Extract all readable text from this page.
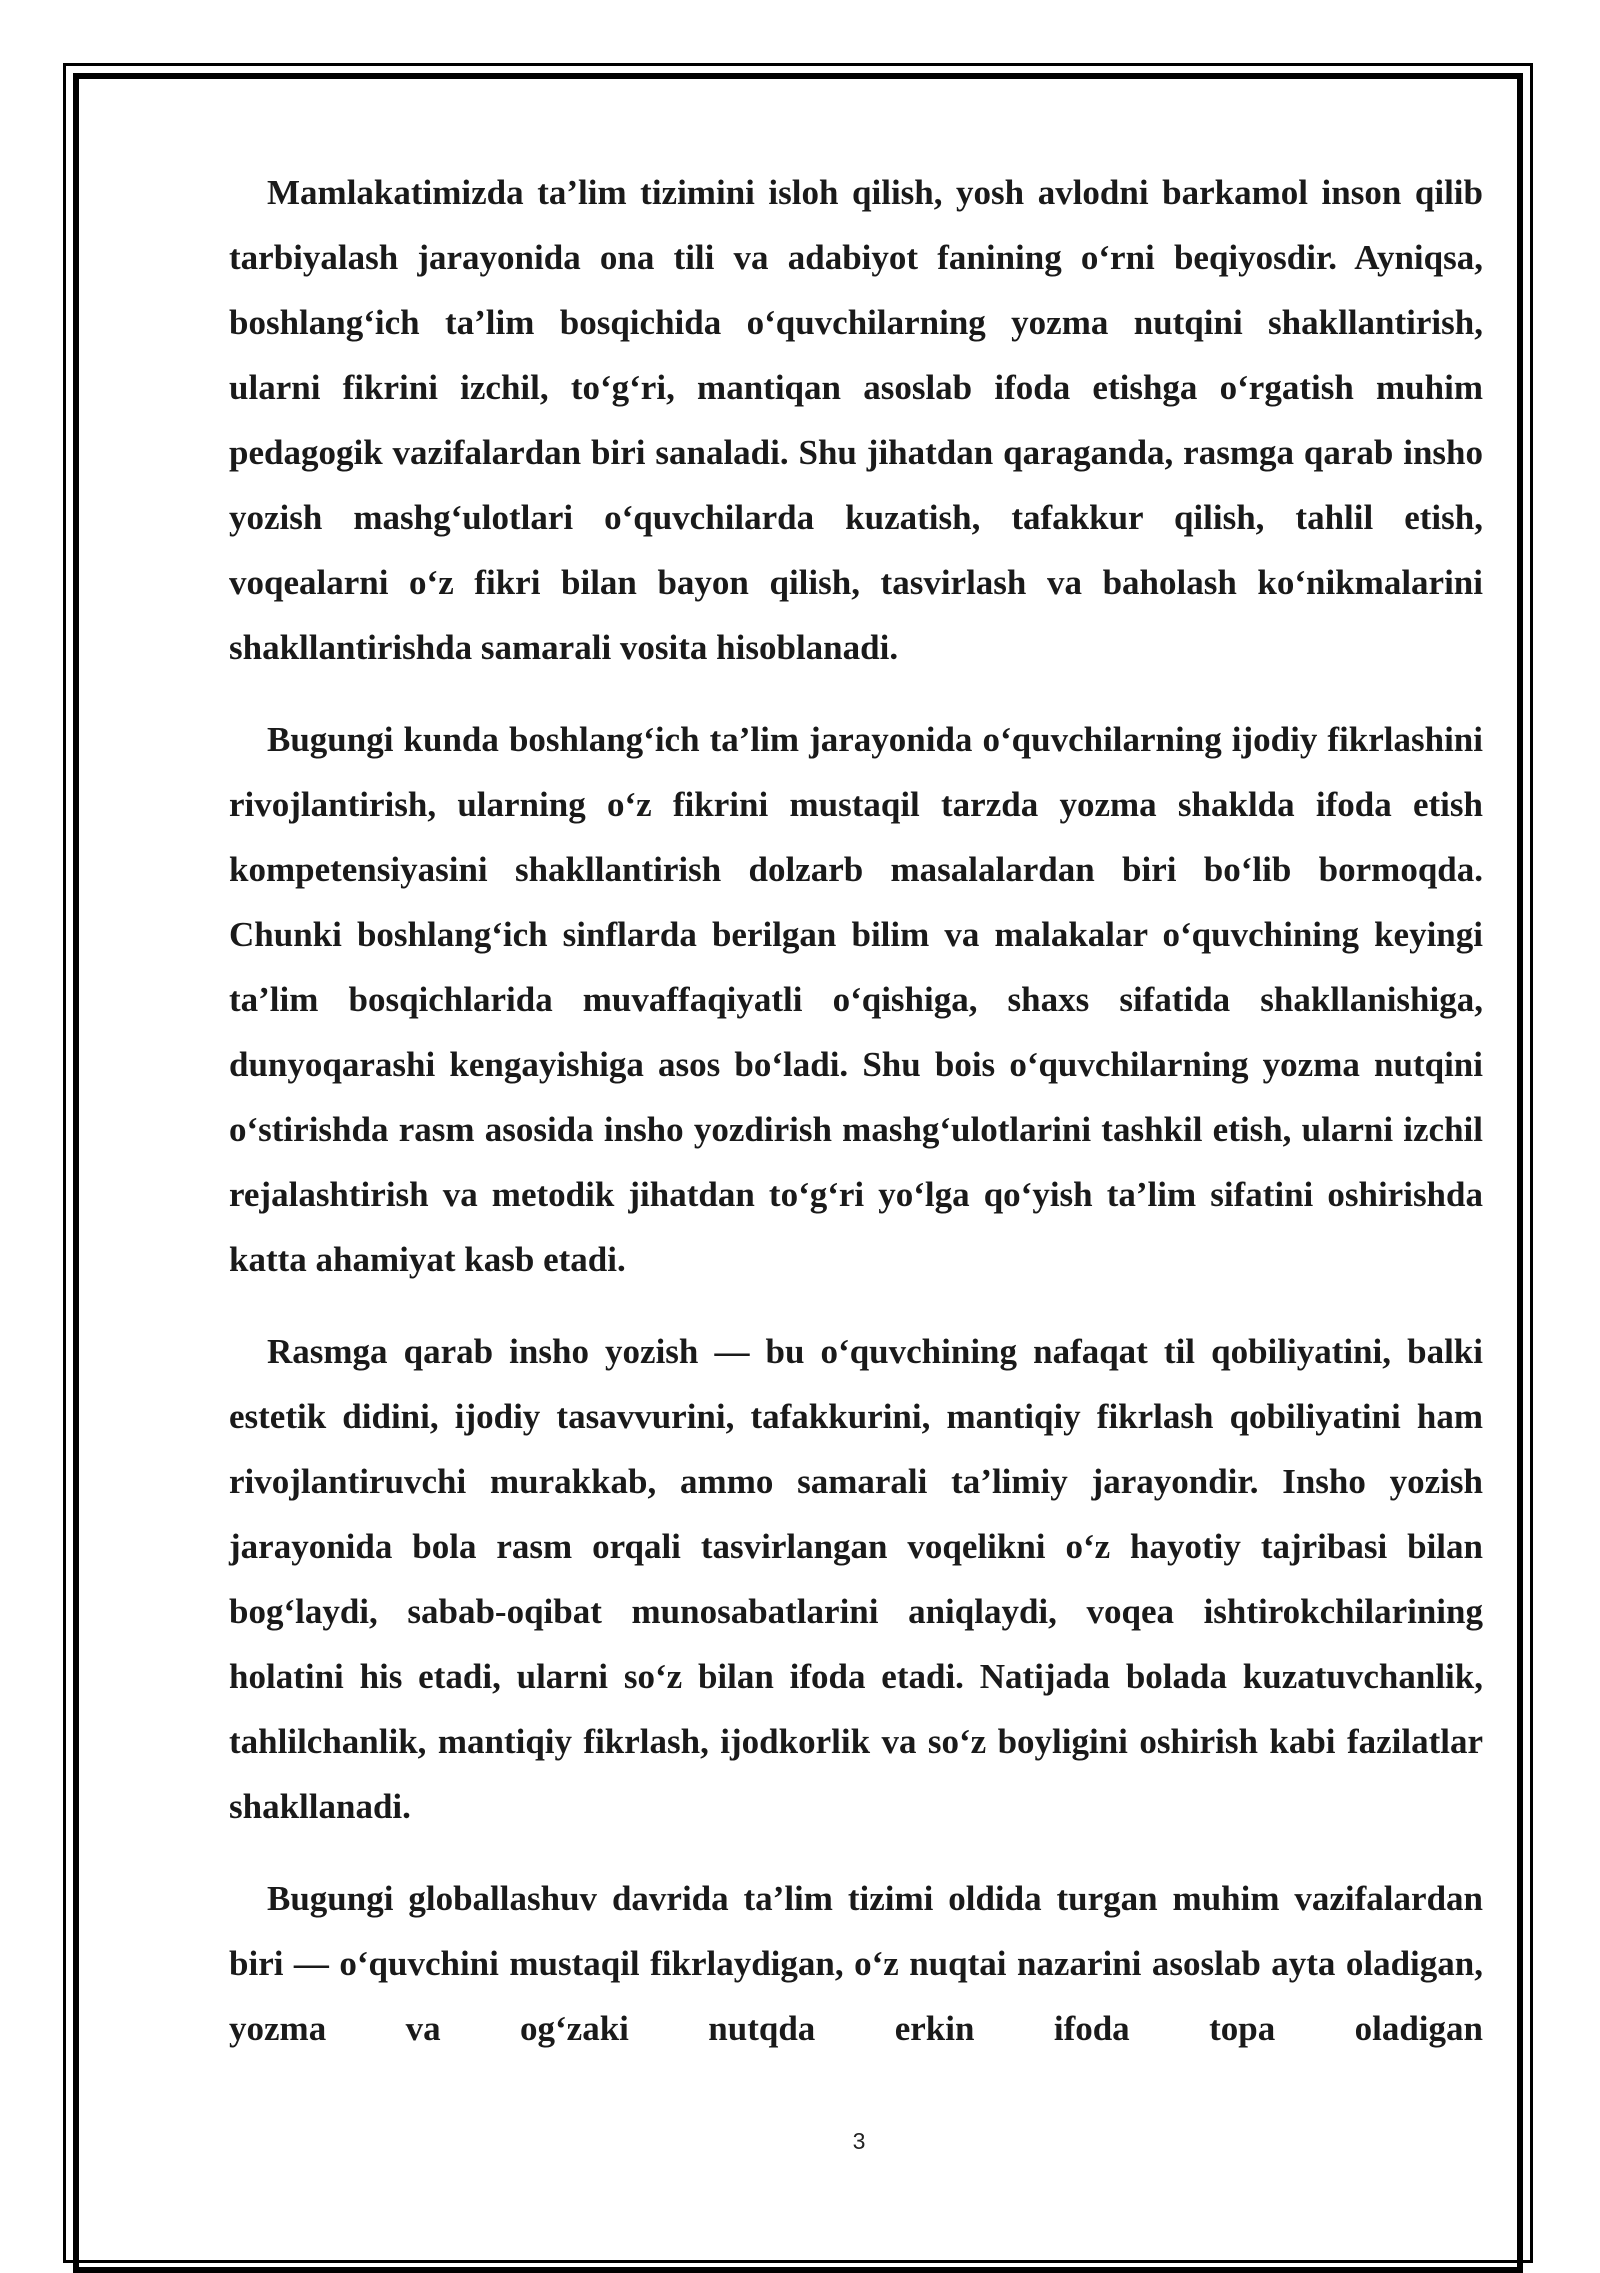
Mamlakatimizda ta’lim tizimini isloh qilish, yosh avlodni barkamol inson qilib tarbiyalash jarayonida ona tili va adabiyot fanining o‘rni beqiyosdir. Ayniqsa, boshlang‘ich ta’lim bosqichida o‘quvchilarning yozma nutqini shakllantirish, ularni fikrini izchil, to‘g‘ri, mantiqan asoslab ifoda etishga o‘rgatish muhim pedagogik vazifalardan biri sanaladi. Shu jihatdan qaraganda, rasmga qarab insho yozish mashg‘ulotlari o‘quvchilarda kuzatish, tafakkur qilish, tahlil etish, voqealarni o‘z fikri bilan bayon qilish, tasvirlash va baholash ko‘nikmalarini shakllantirishda samarali vosita hisoblanadi.

Bugungi kunda boshlang‘ich ta’lim jarayonida o‘quvchilarning ijodiy fikrlashini rivojlantirish, ularning o‘z fikrini mustaqil tarzda yozma shaklda ifoda etish kompetensiyasini shakllantirish dolzarb masalalardan biri bo‘lib bormoqda. Chunki boshlang‘ich sinflarda berilgan bilim va malakalar o‘quvchining keyingi ta’lim bosqichlarida muvaffaqiyatli o‘qishiga, shaxs sifatida shakllanishiga, dunyoqarashi kengayishiga asos bo‘ladi. Shu bois o‘quvchilarning yozma nutqini o‘stirishda rasm asosida insho yozdirish mashg‘ulotlarini tashkil etish, ularni izchil rejalashtirish va metodik jihatdan to‘g‘ri yo‘lga qo‘yish ta’lim sifatini oshirishda katta ahamiyat kasb etadi.

Rasmga qarab insho yozish — bu o‘quvchining nafaqat til qobiliyatini, balki estetik didini, ijodiy tasavvurini, tafakkurini, mantiqiy fikrlash qobiliyatini ham rivojlantiruvchi murakkab, ammo samarali ta’limiy jarayondir. Insho yozish jarayonida bola rasm orqali tasvirlangan voqelikni o‘z hayotiy tajribasi bilan bog‘laydi, sabab-oqibat munosabatlarini aniqlaydi, voqea ishtirokchilarining holatini his etadi, ularni so‘z bilan ifoda etadi. Natijada bolada kuzatuvchanlik, tahlilchanlik, mantiqiy fikrlash, ijodkorlik va so‘z boyligini oshirish kabi fazilatlar shakllanadi.

Bugungi globallashuv davrida ta’lim tizimi oldida turgan muhim vazifalardan biri — o‘quvchini mustaqil fikrlaydigan, o‘z nuqtai nazarini asoslab ayta oladigan, yozma va og‘zaki nutqda erkin ifoda topa oladigan

3
